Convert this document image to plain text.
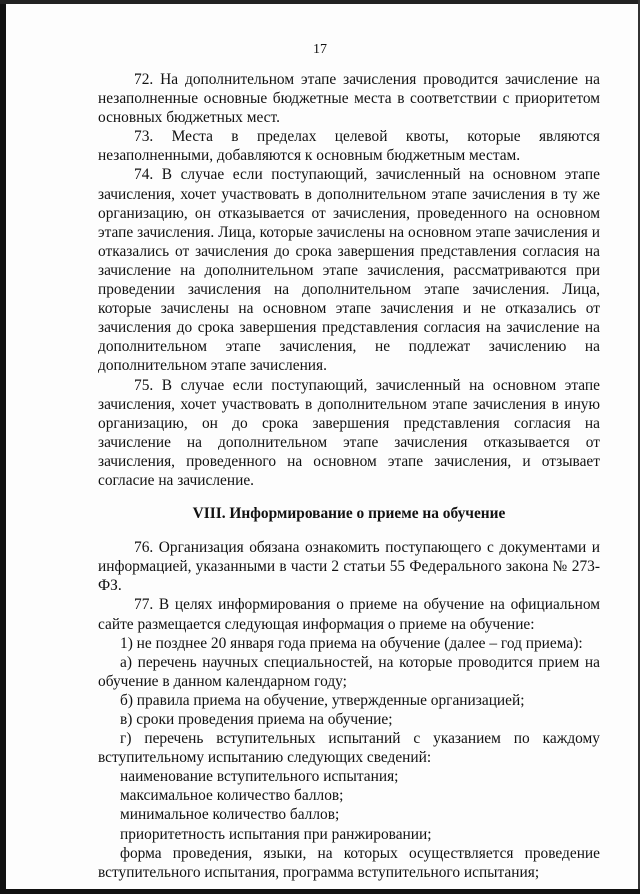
17

72. На дополнительном этапе зачисления проводится зачисление на незаполненные основные бюджетные места в соответствии с приоритетом основных бюджетных мест.

73. Места в пределах целевой квоты, которые являются незаполненными, добавляются к основным бюджетным местам.

74. В случае если поступающий, зачисленный на основном этапе зачисления, хочет участвовать в дополнительном этапе зачисления в ту же организацию, он отказывается от зачисления, проведенного на основном этапе зачисления. Лица, которые зачислены на основном этапе зачисления и отказались от зачисления до срока завершения представления согласия на зачисление на дополнительном этапе зачисления, рассматриваются при проведении зачисления на дополнительном этапе зачисления. Лица, которые зачислены на основном этапе зачисления и не отказались от зачисления до срока завершения представления согласия на зачисление на дополнительном этапе зачисления, не подлежат зачислению на дополнительном этапе зачисления.

75. В случае если поступающий, зачисленный на основном этапе зачисления, хочет участвовать в дополнительном этапе зачисления в иную организацию, он до срока завершения представления согласия на зачисление на дополнительном этапе зачисления отказывается от зачисления, проведенного на основном этапе зачисления, и отзывает согласие на зачисление.

VIII. Информирование о приеме на обучение

76. Организация обязана ознакомить поступающего с документами и информацией, указанными в части 2 статьи 55 Федерального закона № 273-ФЗ.

77. В целях информирования о приеме на обучение на официальном сайте размещается следующая информация о приеме на обучение:

1) не позднее 20 января года приема на обучение (далее – год приема):

а) перечень научных специальностей, на которые проводится прием на обучение в данном календарном году;

б) правила приема на обучение, утвержденные организацией;

в) сроки проведения приема на обучение;

г) перечень вступительных испытаний с указанием по каждому вступительному испытанию следующих сведений:

наименование вступительного испытания;

максимальное количество баллов;

минимальное количество баллов;

приоритетность испытания при ранжировании;

форма проведения, языки, на которых осуществляется проведение вступительного испытания, программа вступительного испытания;
